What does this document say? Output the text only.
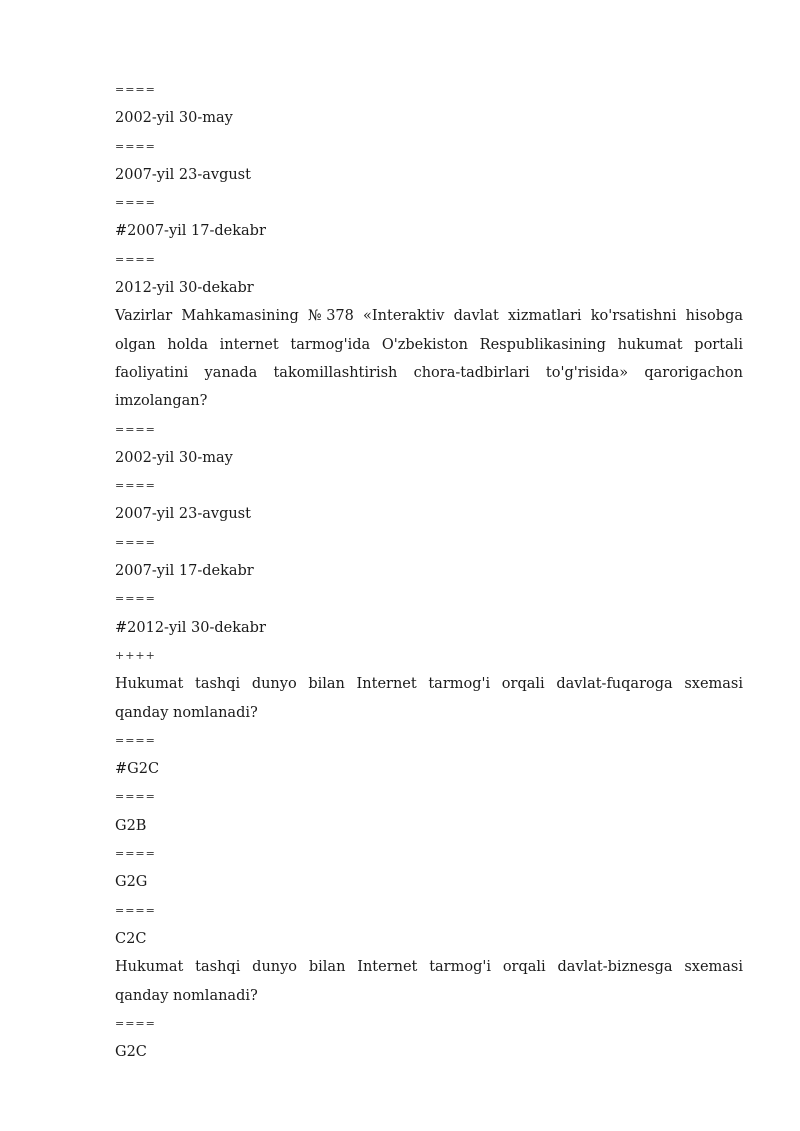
====
2002-yil 30-may
====
2007-yil 23-avgust
====
#2007-yil 17-dekabr
====
2012-yil 30-dekabr
Vazirlar Mahkamasining №378 «Interaktiv davlat xizmatlari ko'rsatishni hisobga olgan holda internet tarmog'ida O'zbekiston Respublikasining hukumat portali faoliyatini yanada takomillashtirish chora-tadbirlari to'g'risida» qarorigachon imzolangan?
====
2002-yil 30-may
====
2007-yil 23-avgust
====
2007-yil 17-dekabr
====
#2012-yil 30-dekabr
++++
Hukumat tashqi dunyo bilan Internet tarmog'i orqali davlat-fuqaroga sxemasi qanday nomlanadi?
====
#G2C
====
G2B
====
G2G
====
C2C
Hukumat tashqi dunyo bilan Internet tarmog'i orqali davlat-biznesga sxemasi qanday nomlanadi?
====
G2C
